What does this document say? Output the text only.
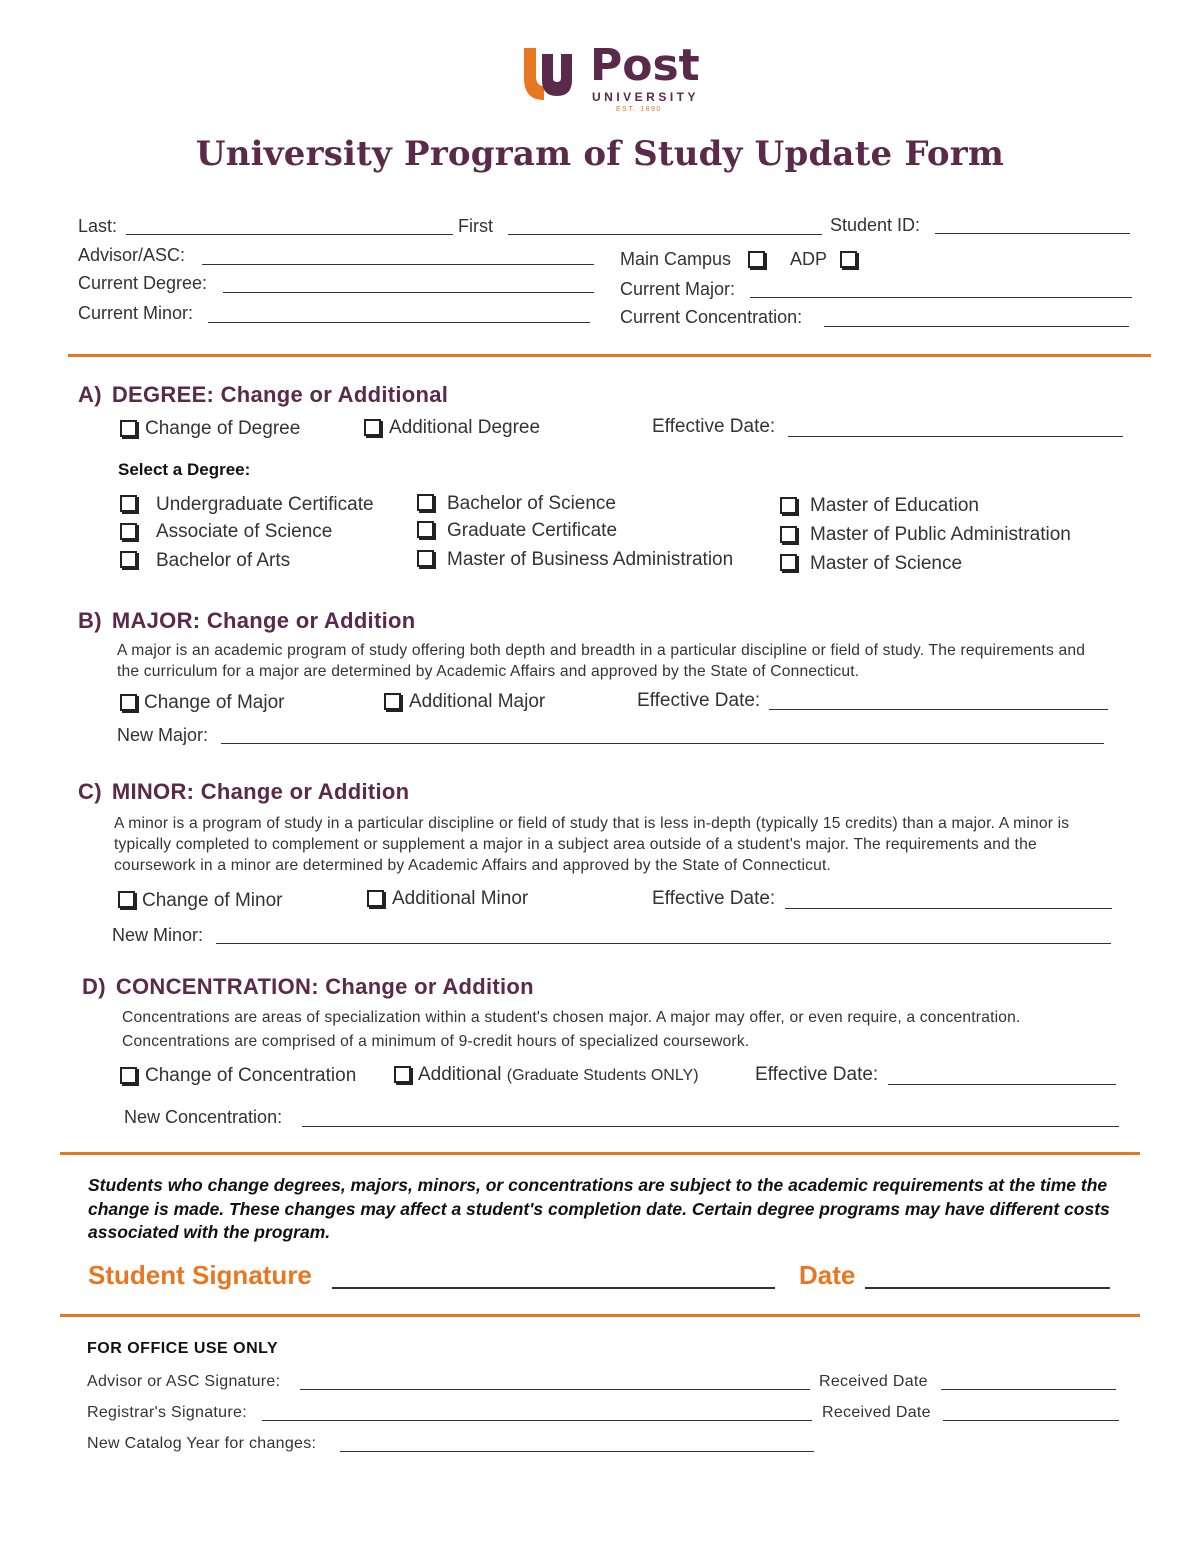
Post
UNIVERSITY
EST. 1890
University Program of Study Update Form
Last:	First	Student ID:
Advisor/ASC:	Main Campus	ADP
Current Degree:	Current Major:
Current Minor:	Current Concentration:
A) DEGREE: Change or Additional
Change of Degree	Additional Degree	Effective Date:
Select a Degree:
Undergraduate Certificate
Associate of Science
Bachelor of Arts
Bachelor of Science
Graduate Certificate
Master of Business Administration
Master of Education
Master of Public Administration
Master of Science
B) MAJOR: Change or Addition
A major is an academic program of study offering both depth and breadth in a particular discipline or field of study. The requirements and the curriculum for a major are determined by Academic Affairs and approved by the State of Connecticut.
Change of Major	Additional Major	Effective Date:
New Major:
C) MINOR: Change or Addition
A minor is a program of study in a particular discipline or field of study that is less in-depth (typically 15 credits) than a major. A minor is typically completed to complement or supplement a major in a subject area outside of a student's major. The requirements and the coursework in a minor are determined by Academic Affairs and approved by the State of Connecticut.
Change of Minor	Additional Minor	Effective Date:
New Minor:
D) CONCENTRATION: Change or Addition
Concentrations are areas of specialization within a student's chosen major. A major may offer, or even require, a concentration. Concentrations are comprised of a minimum of 9-credit hours of specialized coursework.
Change of Concentration	Additional (Graduate Students ONLY)	Effective Date:
New Concentration:
Students who change degrees, majors, minors, or concentrations are subject to the academic requirements at the time the change is made. These changes may affect a student's completion date. Certain degree programs may have different costs associated with the program.
Student Signature	Date
FOR OFFICE USE ONLY
Advisor or ASC Signature:	Received Date
Registrar's Signature:	Received Date
New Catalog Year for changes:
